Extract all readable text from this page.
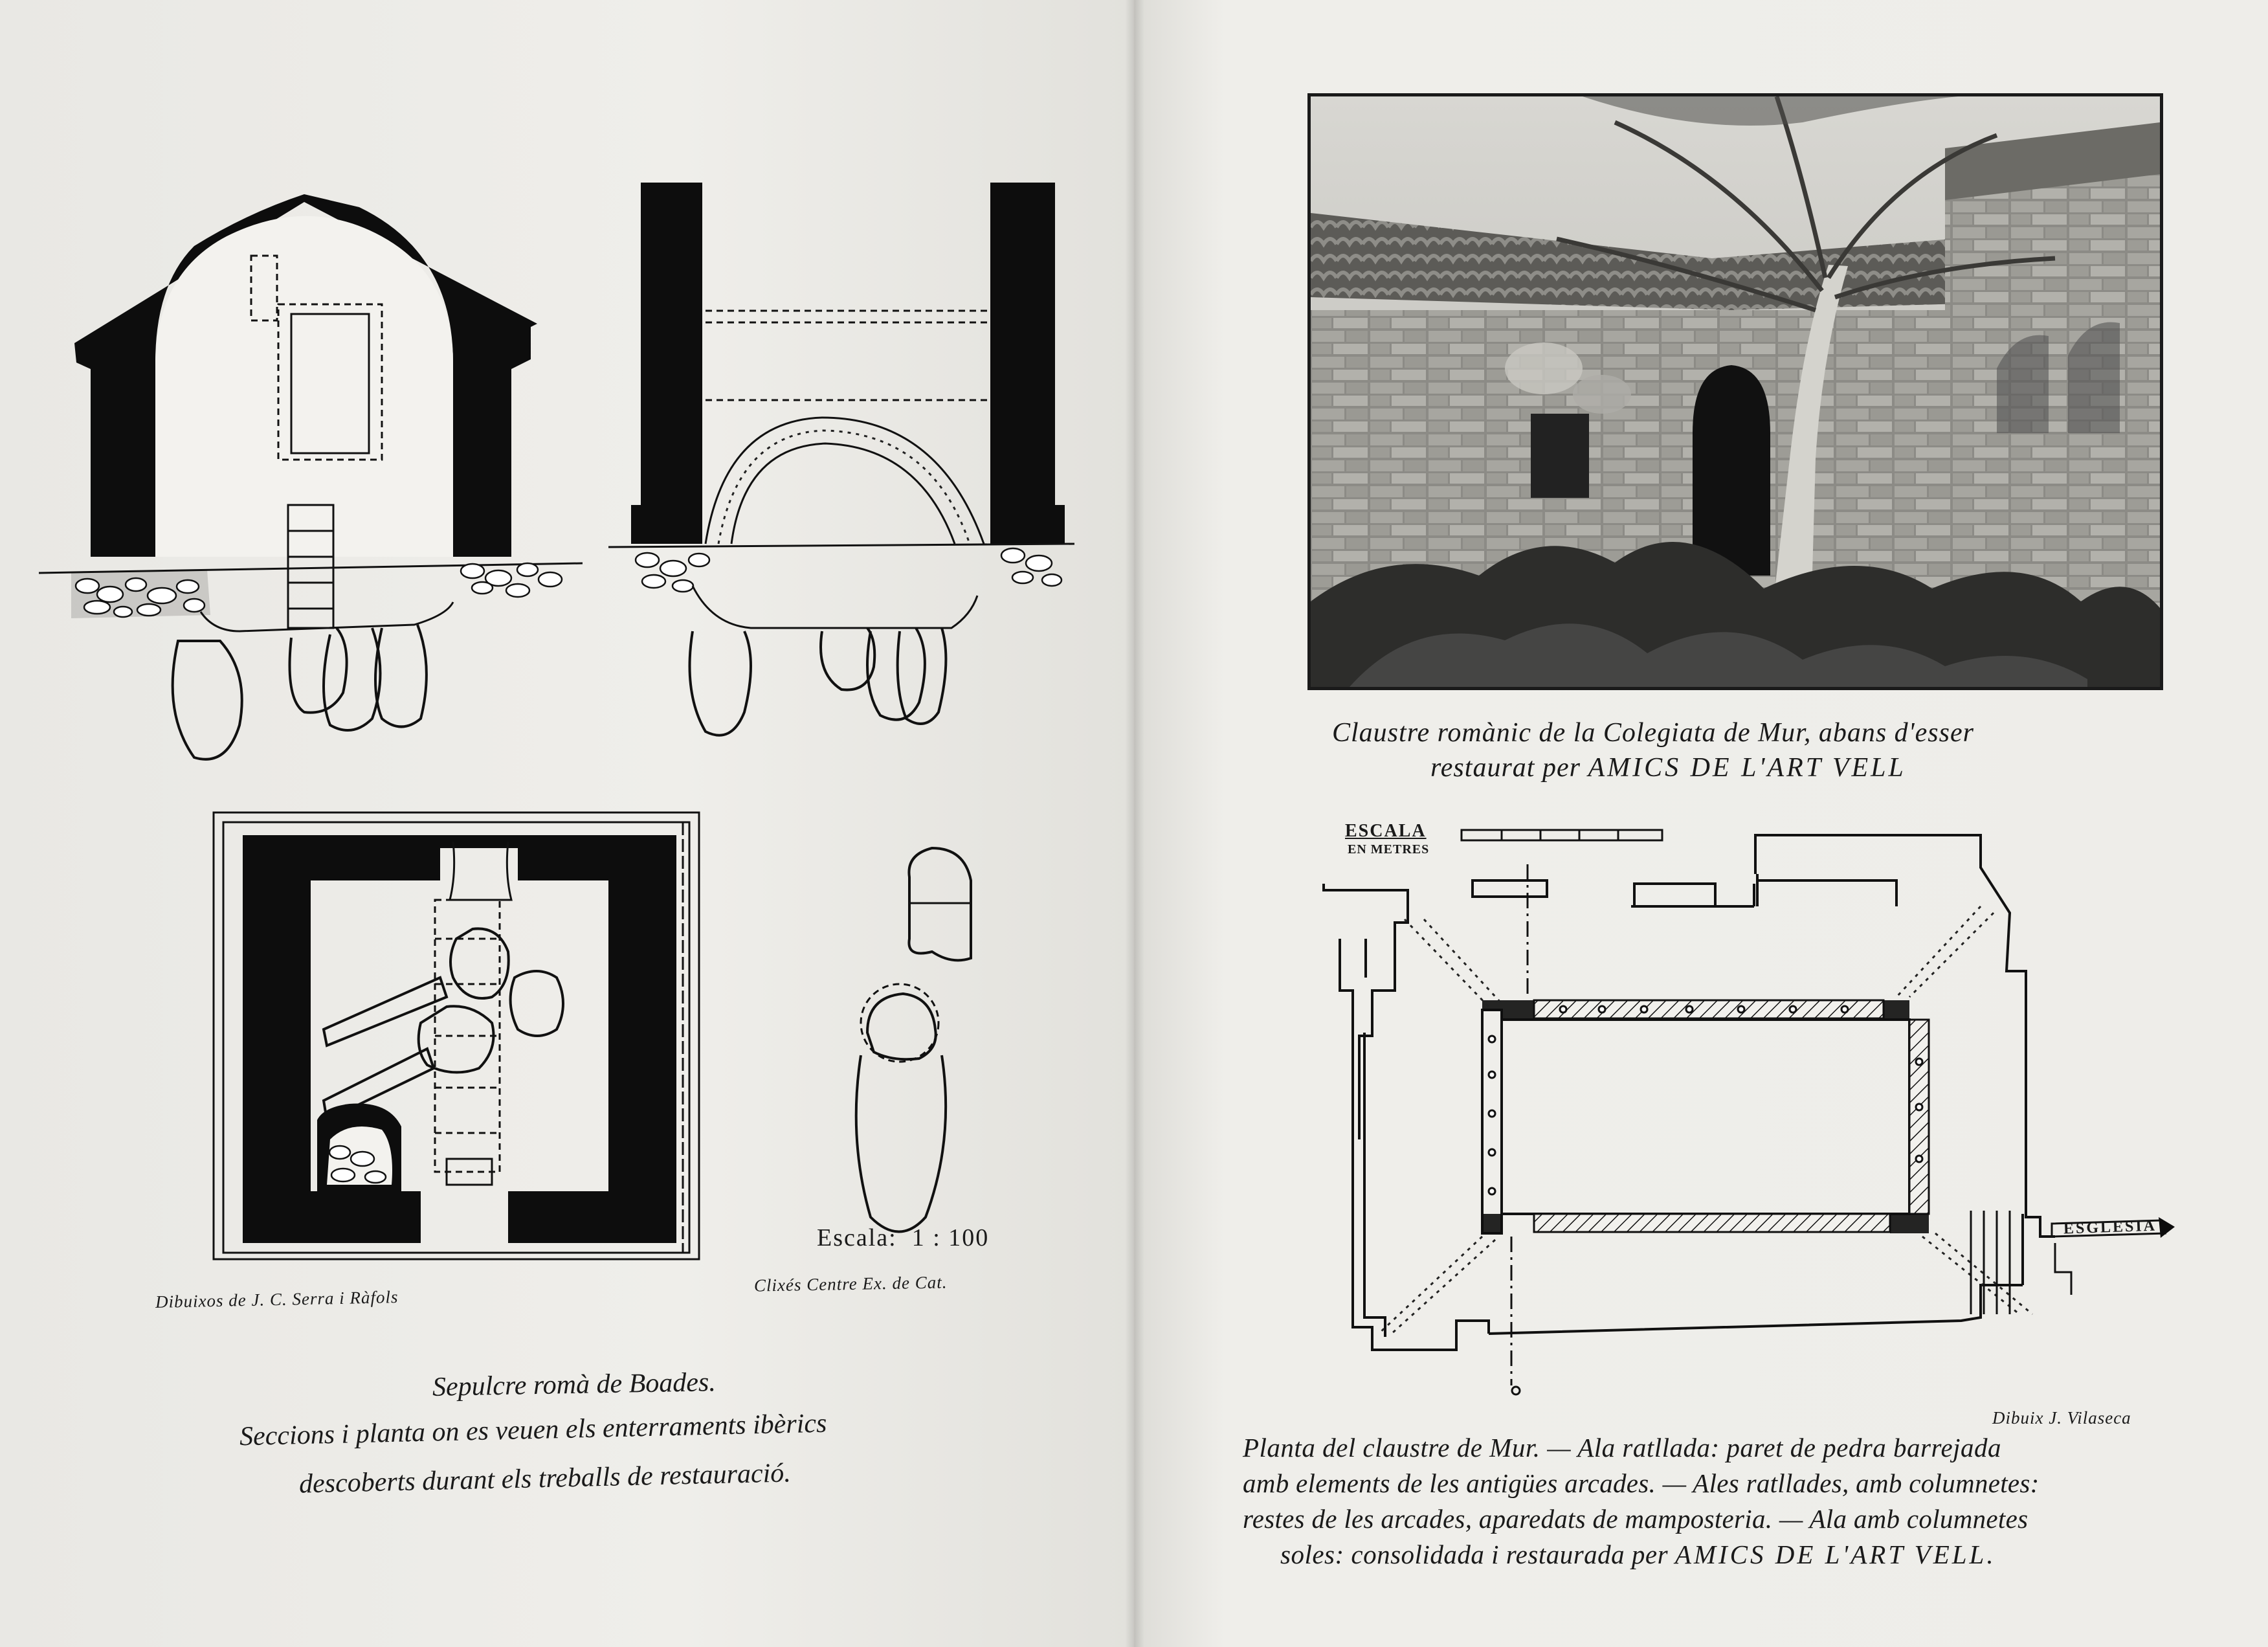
Escala: 1 : 100
Dibuixos de J. C. Serra i Ràfols
Clixés Centre Ex. de Cat.
Sepulcre romà de Boades.
Seccions i planta on es veuen els enterraments ibèrics
descoberts durant els treballs de restauració.
Claustre romànic de la Colegiata de Mur, abans d'esser
restaurat per AMICS DE L'ART VELL
ESCALA
EN METRES
ESGLESIA
Dibuix J. Vilaseca
Planta del claustre de Mur. — Ala ratllada: paret de pedra barrejada
amb elements de les antigües arcades. — Ales ratllades, amb columnetes:
restes de les arcades, aparedats de mamposteria. — Ala amb columnetes
soles: consolidada i restaurada per AMICS DE L'ART VELL.
